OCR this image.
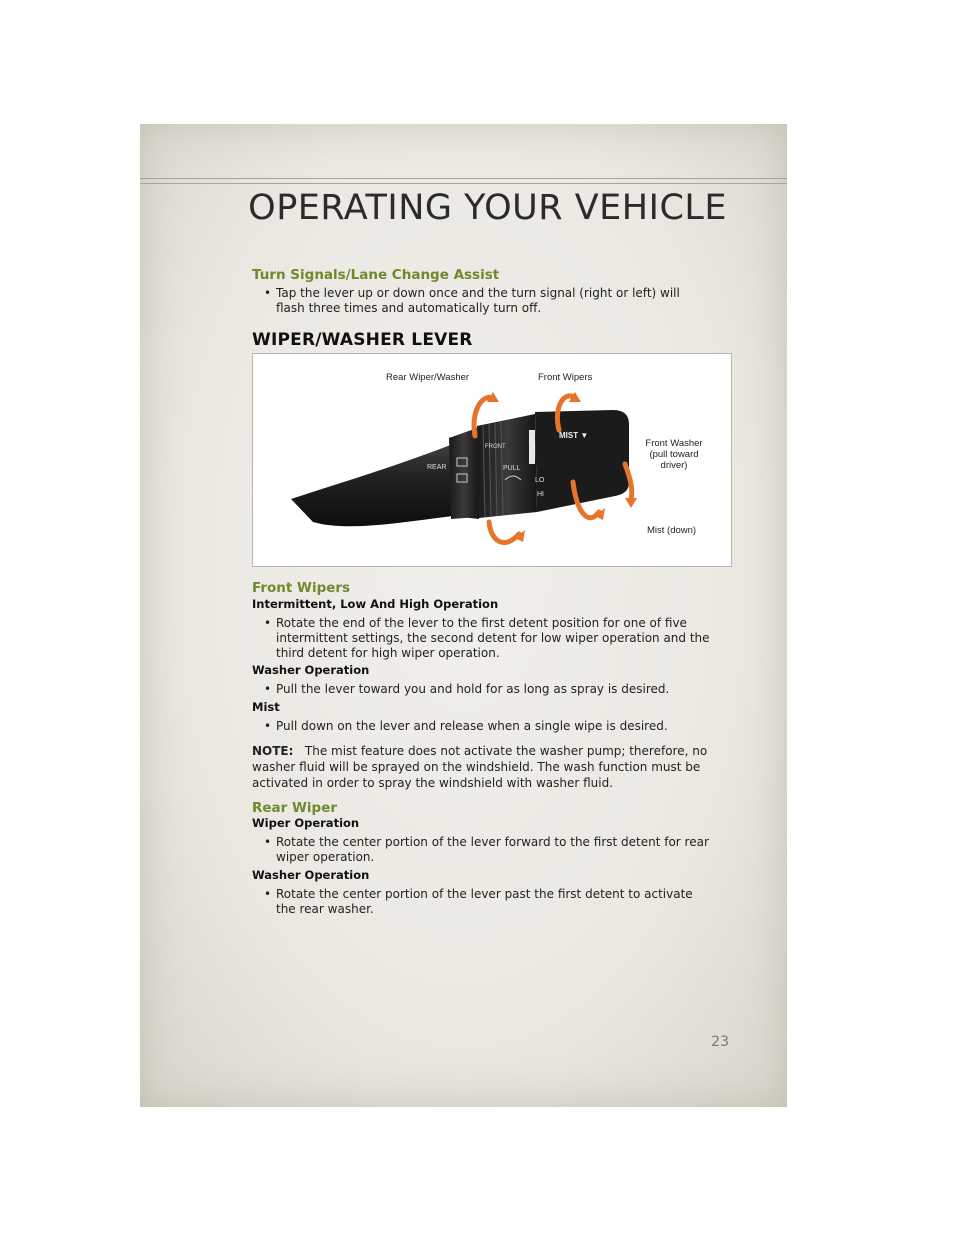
OPERATING YOUR VEHICLE
Turn Signals/Lane Change Assist
• Tap the lever up or down once and the turn signal (right or left) will flash three times and automatically turn off.
WIPER/WASHER LEVER
REAR
FRONT
PULL
LO
HI
MIST ▼
Rear Wiper/Washer	Front Wipers
Front Washer
(pull toward
driver)
Mist (down)
Front Wipers
Intermittent, Low And High Operation
• Rotate the end of the lever to the first detent position for one of five intermittent settings, the second detent for low wiper operation and the third detent for high wiper operation.
Washer Operation
• Pull the lever toward you and hold for as long as spray is desired.
Mist
• Pull down on the lever and release when a single wipe is desired.
NOTE: The mist feature does not activate the washer pump; therefore, no washer fluid will be sprayed on the windshield. The wash function must be activated in order to spray the windshield with washer fluid.
Rear Wiper
Wiper Operation
• Rotate the center portion of the lever forward to the first detent for rear wiper operation.
Washer Operation
• Rotate the center portion of the lever past the first detent to activate the rear washer.
23
